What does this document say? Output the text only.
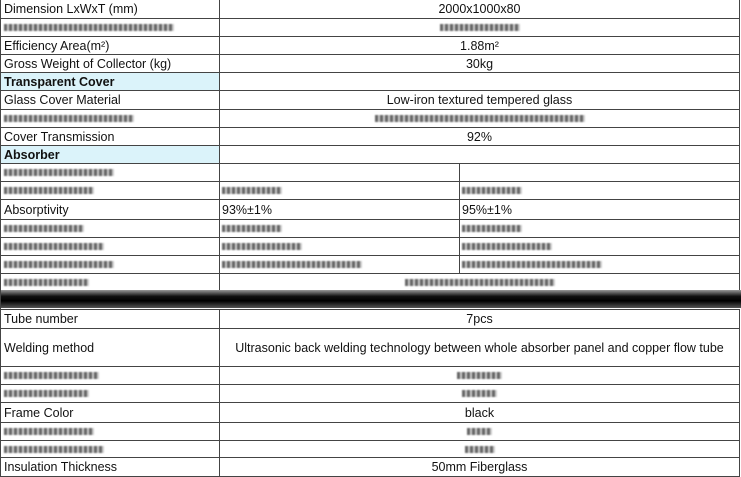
Dimension LxWxT (mm)	2000x1000x80
Efficiency Area(m²)	1.88m²
Gross Weight of Collector (kg)	30kg
Transparent Cover
Glass Cover Material	Low-iron textured tempered glass
Cover Transmission	92%
Absorber
Absorptivity	93%±1%	95%±1%
Tube number	7pcs
Welding method	Ultrasonic back welding technology between whole absorber panel and copper flow tube
Frame Color	black
Insulation Thickness	50mm Fiberglass
